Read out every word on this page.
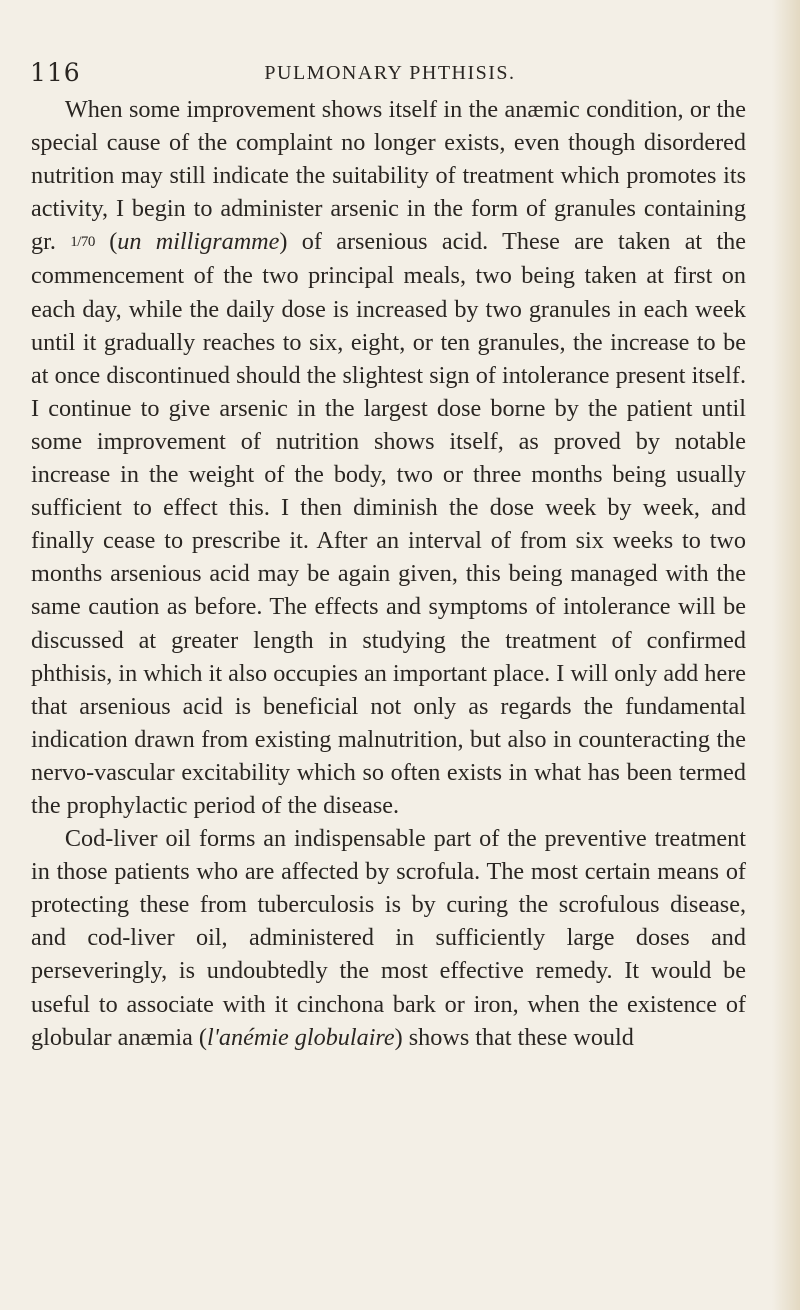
116	PULMONARY PHTHISIS.

When some improvement shows itself in the anæmic condition, or the special cause of the complaint no longer exists, even though disordered nutrition may still indicate the suitability of treatment which promotes its activity, I begin to administer arsenic in the form of granules containing gr. 1/70 (un milligramme) of arsenious acid. These are taken at the commencement of the two principal meals, two being taken at first on each day, while the daily dose is increased by two granules in each week until it gradually reaches to six, eight, or ten granules, the increase to be at once discontinued should the slightest sign of intolerance present itself. I continue to give arsenic in the largest dose borne by the patient until some improvement of nutrition shows itself, as proved by notable increase in the weight of the body, two or three months being usually sufficient to effect this. I then diminish the dose week by week, and finally cease to prescribe it. After an interval of from six weeks to two months arsenious acid may be again given, this being managed with the same caution as before. The effects and symptoms of intolerance will be discussed at greater length in studying the treatment of confirmed phthisis, in which it also occupies an important place. I will only add here that arsenious acid is beneficial not only as regards the fundamental indication drawn from existing malnutrition, but also in counteracting the nervo-vascular excitability which so often exists in what has been termed the prophylactic period of the disease.

Cod-liver oil forms an indispensable part of the preventive treatment in those patients who are affected by scrofula. The most certain means of protecting these from tuberculosis is by curing the scrofulous disease, and cod-liver oil, administered in sufficiently large doses and perseveringly, is undoubtedly the most effective remedy. It would be useful to associate with it cinchona bark or iron, when the existence of globular anæmia (l'anémie globulaire) shows that these would
